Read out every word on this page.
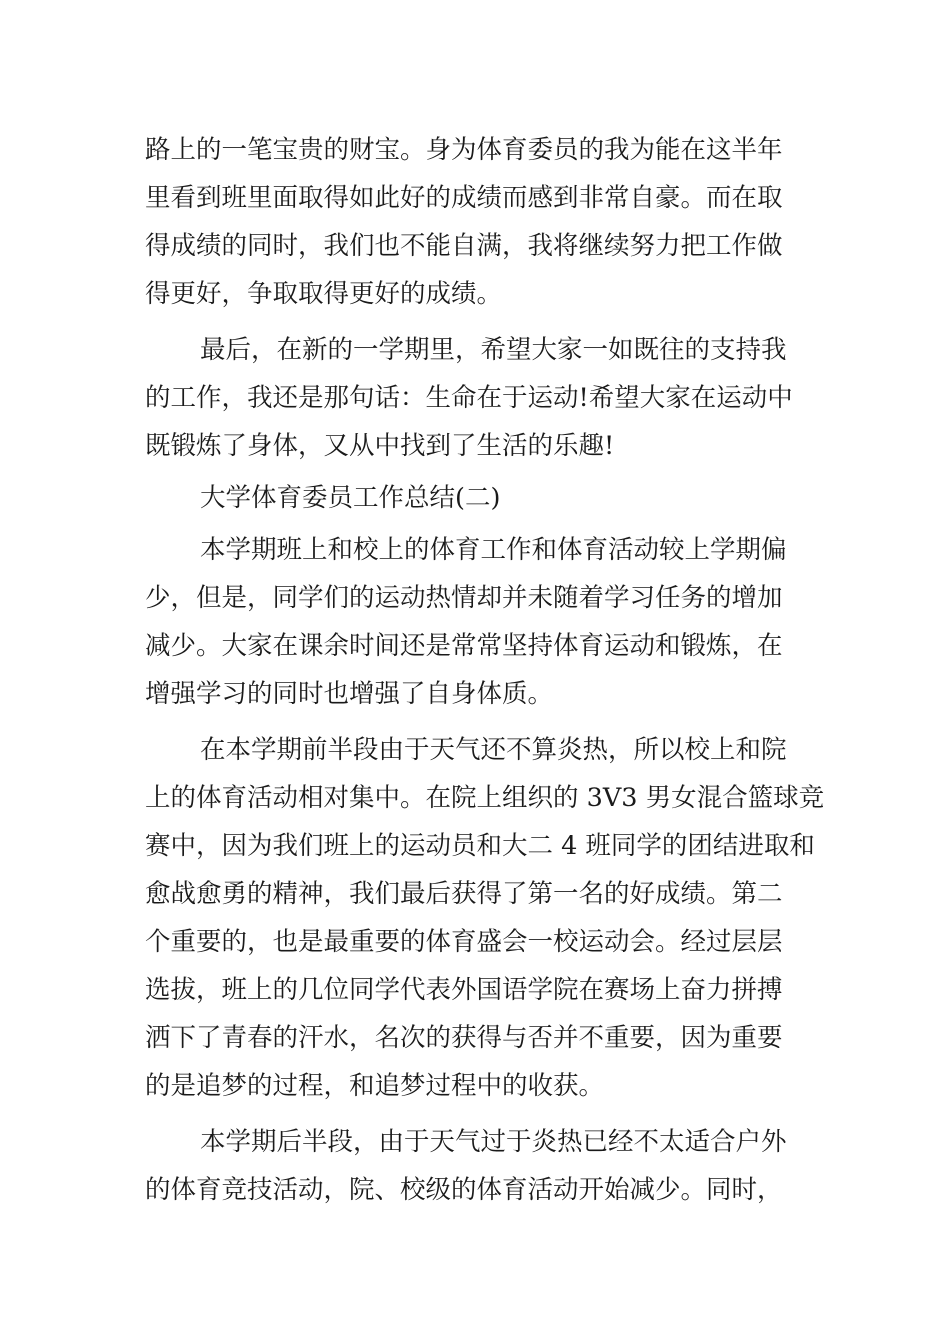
路上的一笔宝贵的财宝。身为体育委员的我为能在这半年

里看到班里面取得如此好的成绩而感到非常自豪。而在取

得成绩的同时，我们也不能自满，我将继续努力把工作做

得更好，争取取得更好的成绩。

最后，在新的一学期里，希望大家一如既往的支持我

的工作，我还是那句话：生命在于运动!希望大家在运动中

既锻炼了身体，又从中找到了生活的乐趣!

大学体育委员工作总结(二)

本学期班上和校上的体育工作和体育活动较上学期偏

少，但是，同学们的运动热情却并未随着学习任务的增加

减少。大家在课余时间还是常常坚持体育运动和锻炼，在

增强学习的同时也增强了自身体质。

在本学期前半段由于天气还不算炎热，所以校上和院

上的体育活动相对集中。在院上组织的 3V3 男女混合篮球竞

赛中，因为我们班上的运动员和大二 4 班同学的团结进取和

愈战愈勇的精神，我们最后获得了第一名的好成绩。第二

个重要的，也是最重要的体育盛会一校运动会。经过层层

选拔，班上的几位同学代表外国语学院在赛场上奋力拼搏

洒下了青春的汗水，名次的获得与否并不重要，因为重要

的是追梦的过程，和追梦过程中的收获。

本学期后半段，由于天气过于炎热已经不太适合户外

的体育竞技活动，院、校级的体育活动开始减少。同时，
